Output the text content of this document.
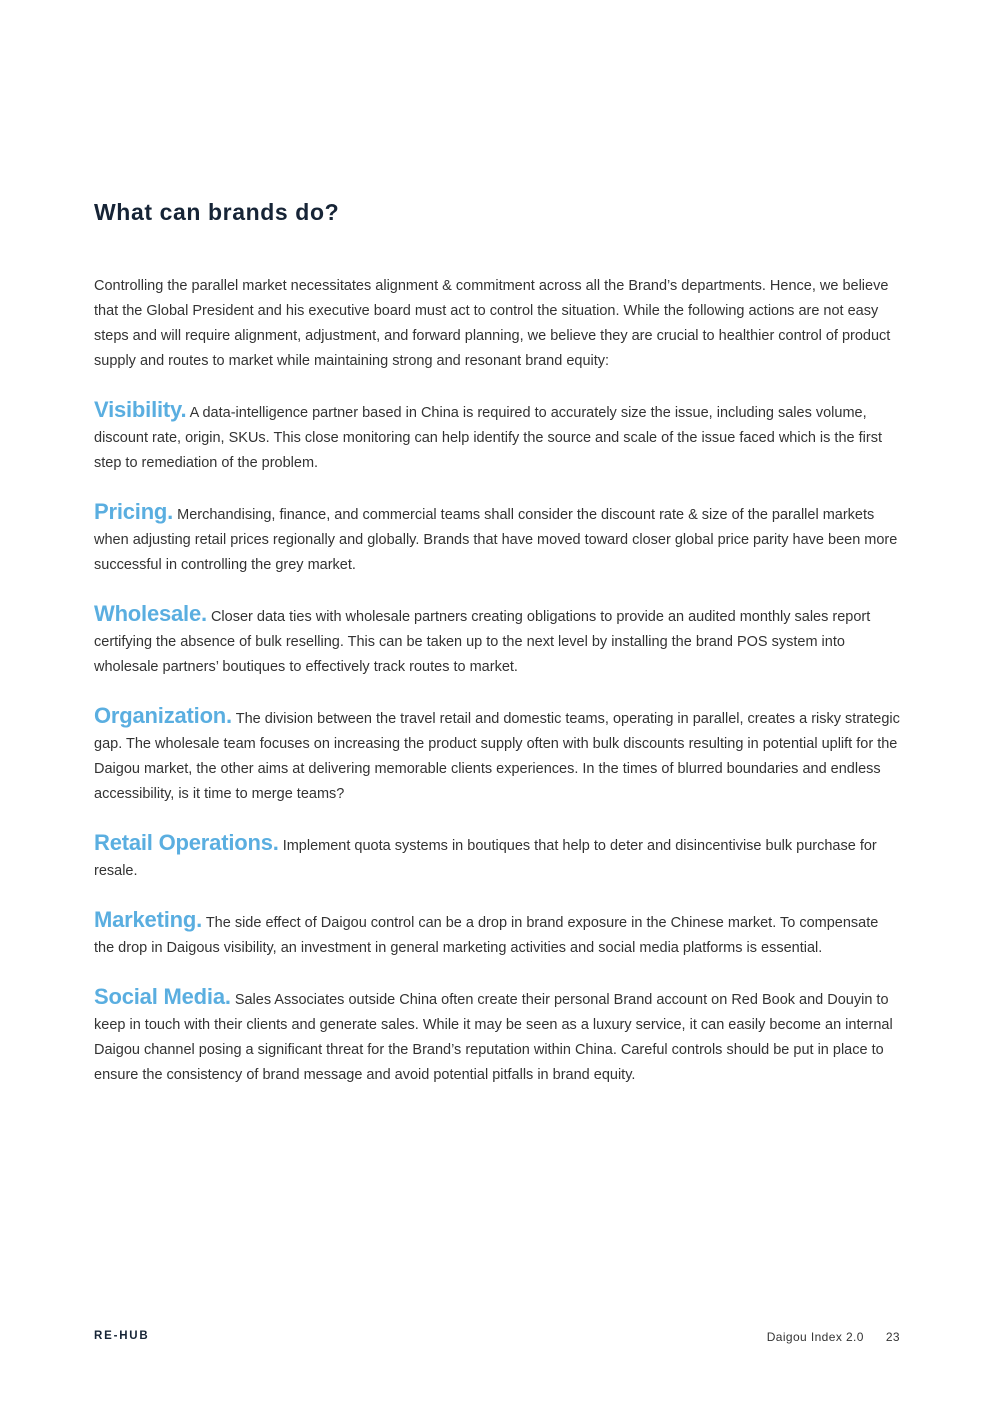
What can brands do?

Controlling the parallel market necessitates alignment & commitment across all the Brand’s departments. Hence, we believe that the Global President and his executive board must act to control the situation. While the following actions are not easy steps and will require alignment, adjustment, and forward planning, we believe they are crucial to healthier control of product supply and routes to market while maintaining strong and resonant brand equity:

Visibility. A data-intelligence partner based in China is required to accurately size the issue, including sales volume, discount rate, origin, SKUs. This close monitoring can help identify the source and scale of the issue faced which is the first step to remediation of the problem.

Pricing. Merchandising, finance, and commercial teams shall consider the discount rate & size of the parallel markets when adjusting retail prices regionally and globally. Brands that have moved toward closer global price parity have been more successful in controlling the grey market.

Wholesale. Closer data ties with wholesale partners creating obligations to provide an audited monthly sales report certifying the absence of bulk reselling. This can be taken up to the next level by installing the brand POS system into wholesale partners’ boutiques to effectively track routes to market.

Organization. The division between the travel retail and domestic teams, operating in parallel, creates a risky strategic gap. The wholesale team focuses on increasing the product supply often with bulk discounts resulting in potential uplift for the Daigou market, the other aims at delivering memorable clients experiences. In the times of blurred boundaries and endless accessibility, is it time to merge teams?

Retail Operations. Implement quota systems in boutiques that help to deter and disincentivise bulk purchase for resale.

Marketing. The side effect of Daigou control can be a drop in brand exposure in the Chinese market. To compensate the drop in Daigous visibility, an investment in general marketing activities and social media platforms is essential.

Social Media. Sales Associates outside China often create their personal Brand account on Red Book and Douyin to keep in touch with their clients and generate sales. While it may be seen as a luxury service, it can easily become an internal Daigou channel posing a significant threat for the Brand’s reputation within China. Careful controls should be put in place to ensure the consistency of brand message and avoid potential pitfalls in brand equity.

RE-HUB	Daigou Index 2.0 23
